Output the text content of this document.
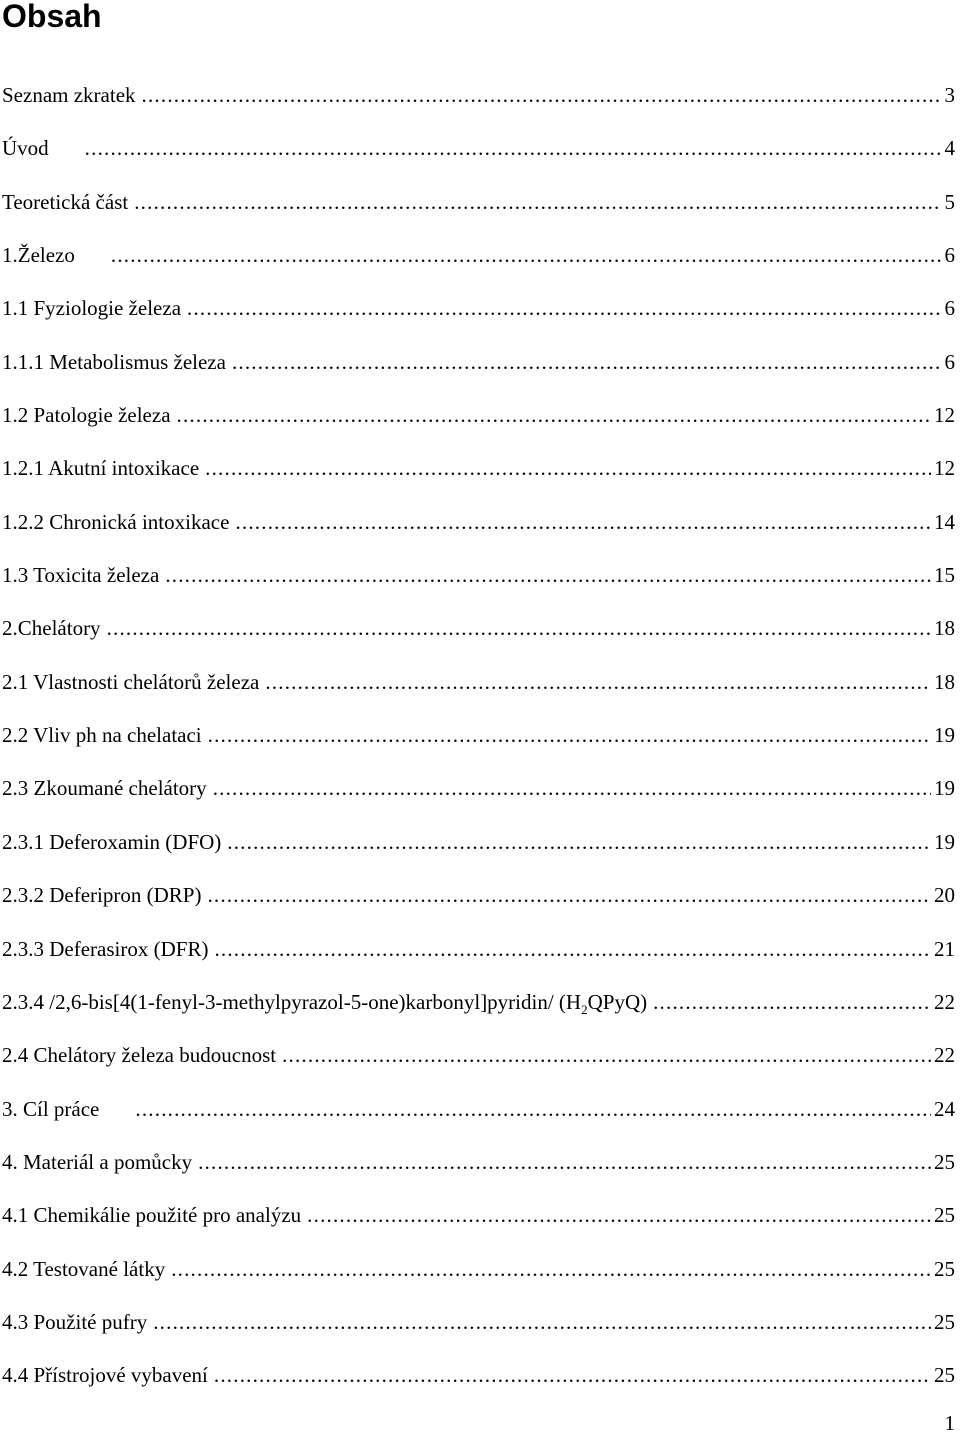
Obsah
Seznam zkratek .....	3
Úvod .....	4
Teoretická část .....	5
1.Železo .....	6
1.1 Fyziologie železa .....	6
1.1.1 Metabolismus železa .....	6
1.2 Patologie železa .....	12
1.2.1 Akutní intoxikace .....	12
1.2.2 Chronická intoxikace .....	14
1.3 Toxicita železa .....	15
2.Chelátory .....	18
2.1 Vlastnosti chelátorů železa .....	18
2.2 Vliv ph na chelataci .....	19
2.3 Zkoumané chelátory .....	19
2.3.1 Deferoxamin (DFO) .....	19
2.3.2 Deferipron (DRP) .....	20
2.3.3 Deferasirox (DFR) .....	21
2.3.4 /2,6-bis[4(1-fenyl-3-methylpyrazol-5-one)karbonyl]pyridin/ $(H_2QPyQ)$ .....	22
2.4 Chelátory železa budoucnost .....	22
3. Cíl práce .....	24
4. Materiál a pomůcky .....	25
4.1 Chemikálie použité pro analýzu .....	25
4.2 Testované látky .....	25
4.3 Použité pufry .....	25
4.4 Přístrojové vybavení .....	25
1
